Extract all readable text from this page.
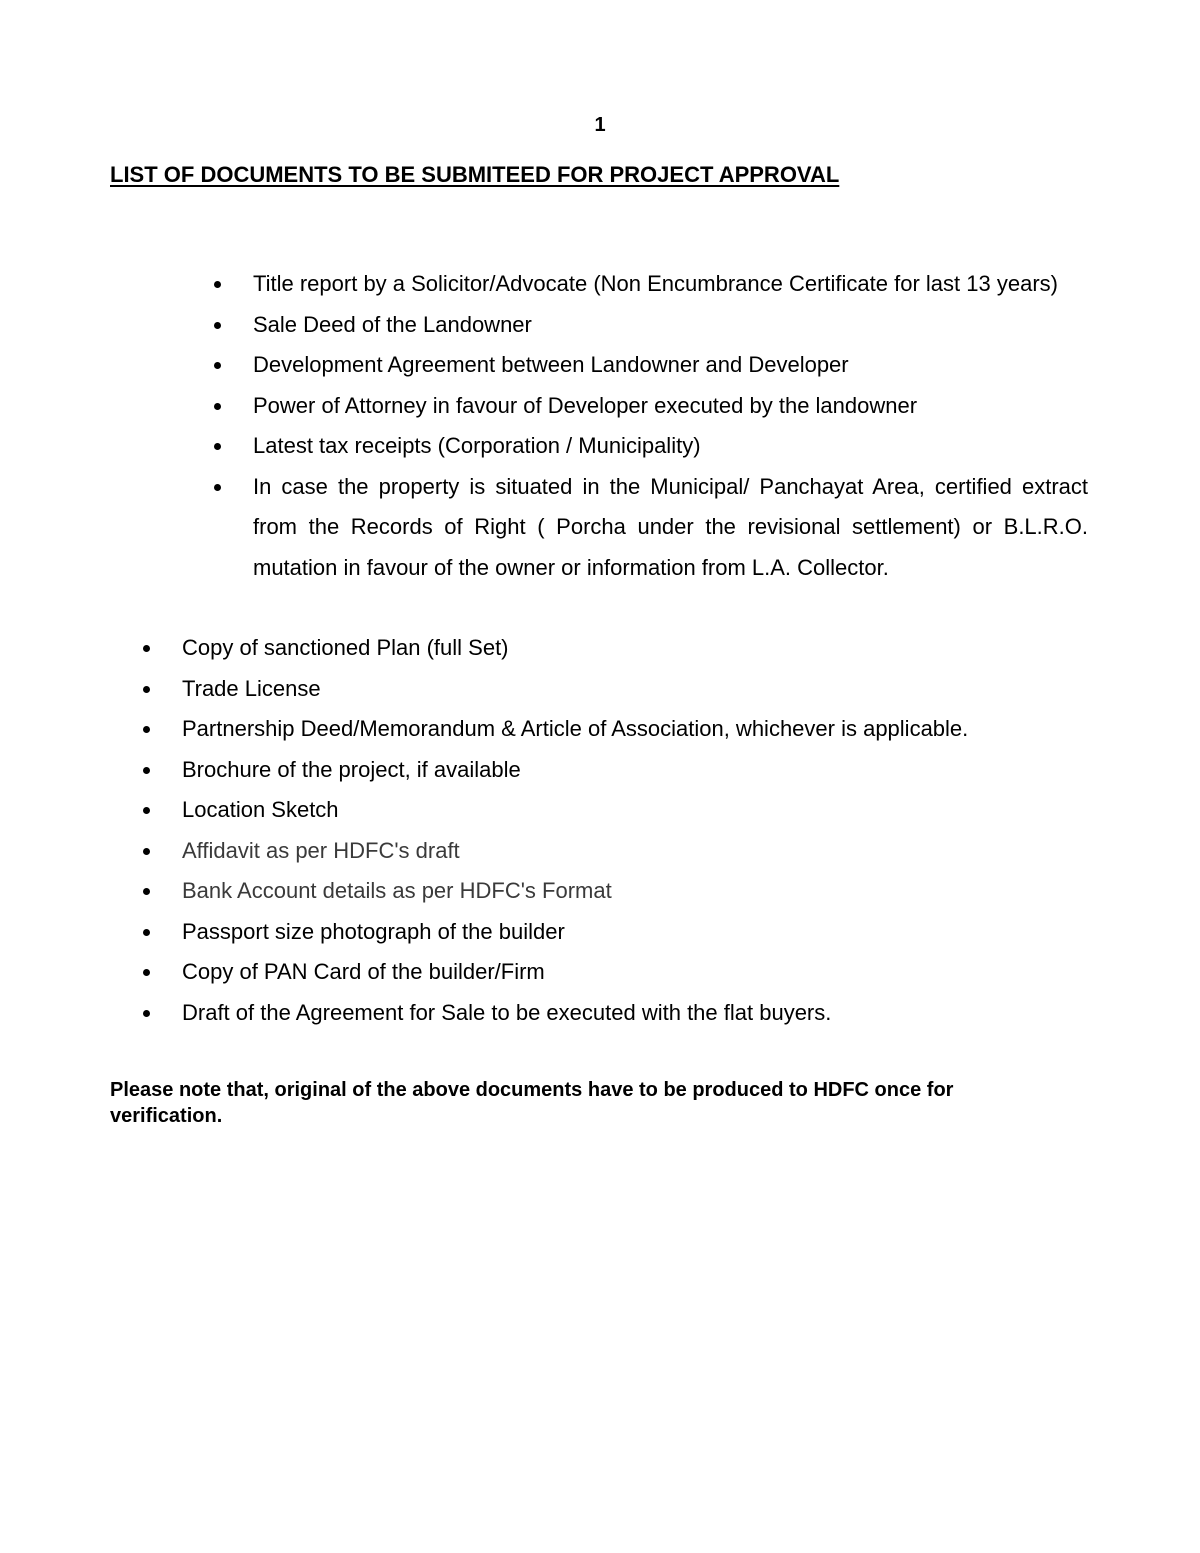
1
LIST OF DOCUMENTS TO BE SUBMITEED FOR PROJECT APPROVAL
Title report by a Solicitor/Advocate (Non Encumbrance Certificate for last 13 years)
Sale Deed of the Landowner
Development Agreement between Landowner and Developer
Power of Attorney in favour of Developer executed by the landowner
Latest tax receipts (Corporation / Municipality)
In case the property is situated in the Municipal/ Panchayat Area, certified extract from the Records of Right ( Porcha under the revisional settlement) or B.L.R.O. mutation in favour of the owner or information from L.A. Collector.
Copy of sanctioned Plan (full Set)
Trade License
Partnership Deed/Memorandum & Article of Association, whichever is applicable.
Brochure of the project, if available
Location Sketch
Affidavit as per HDFC's draft
Bank Account details as per HDFC's Format
Passport size photograph of the builder
Copy of PAN Card of the builder/Firm
Draft of the Agreement for Sale to be executed with the flat buyers.
Please note that, original of the above documents have to be produced to HDFC once for verification.
